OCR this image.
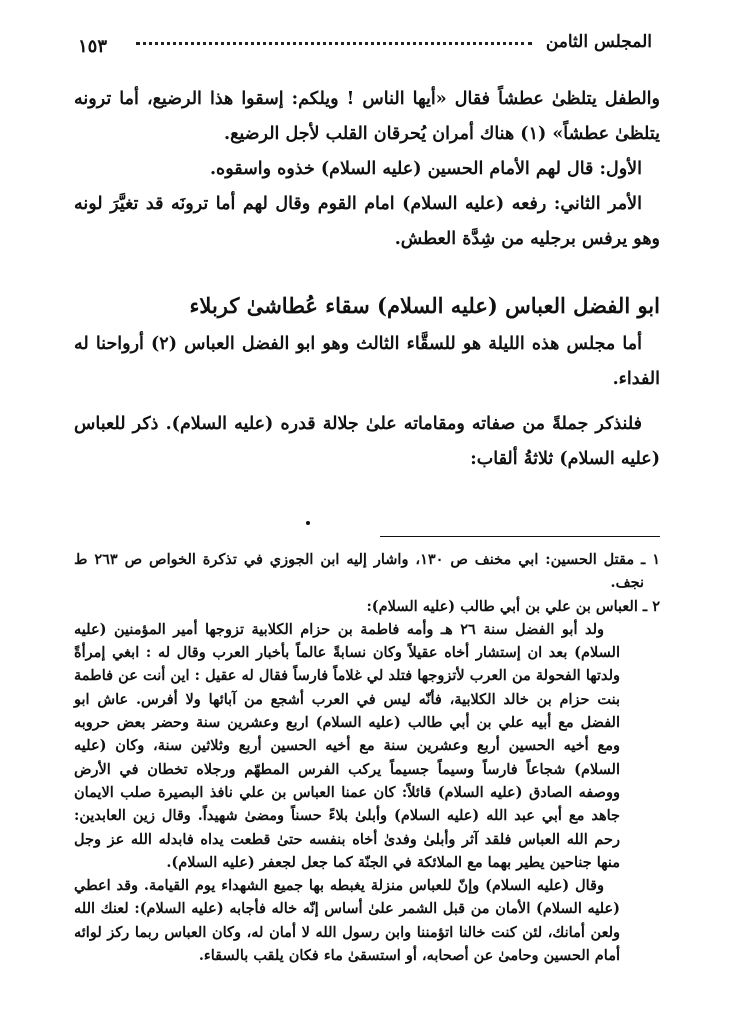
المجلس الثامن
١٥٣

والطفل يتلظىٰ عطشاً فقال «أيها الناس ! ويلكم: إسقوا هذا الرضيع، أما ترونه يتلظىٰ عطشاً» (١) هناك أمران يُحرقان القلب لأجل الرضيع.

الأول: قال لهم الأمام الحسين (عليه السلام) خذوه واسقوه.

الأمر الثاني: رفعه (عليه السلام) امام القوم وقال لهم أما ترونَه قد تغيَّرَ لونه وهو يرفس برجليه من شِدَّة العطش.

ابو الفضل العباس (عليه السلام) سقاء عُطاشىٰ كربلاء

أما مجلس هذه الليلة هو للسقَّاء الثالث وهو ابو الفضل العباس (٢) أرواحنا له الفداء.

فلنذكر جملةً من صفاته ومقاماته علىٰ جلالة قدره (عليه السلام). ذكر للعباس (عليه السلام) ثلاثةُ ألقاب:

١ ـ مقتل الحسين: ابي مخنف ص ١٣٠، واشار إليه ابن الجوزي في تذكرة الخواص ص ٢٦٣ ط نجف.

٢ ـ العباس بن علي بن أبي طالب (عليه السلام):

ولد أبو الفضل سنة ٢٦ هـ وأمه فاطمة بن حزام الكلابية تزوجها أمير المؤمنين (عليه السلام) بعد ان إستشار أخاه عقيلاً وكان نسابةً عالماً بأخبار العرب وقال له : ابغي إمرأةً ولدتها الفحولة من العرب لأتزوجها فتلد لي غلاماً فارساً فقال له عقيل : اين أنت عن فاطمة بنت حزام بن خالد الكلابية، فأنّه ليس في العرب أشجع من آبائها ولا أفرس. عاش ابو الفضل مع أبيه علي بن أبي طالب (عليه السلام) اربع وعشرين سنة وحضر بعض حروبه ومع أخيه الحسين أربع وعشرين سنة مع أخيه الحسين أربع وثلاثين سنة، وكان (عليه السلام) شجاعاً فارساً وسيماً جسيماً يركب الفرس المطهّم ورجلاه تخطان في الأرض ووصفه الصادق (عليه السلام) قائلاً: كان عمنا العباس بن علي نافذ البصيرة صلب الايمان جاهد مع أبي عبد الله (عليه السلام) وأبلىٰ بلاءً حسناً ومضىٰ شهيداً. وقال زين العابدين: رحم الله العباس فلقد آثر وأبلىٰ وفدىٰ أخاه بنفسه حتىٰ قطعت يداه فابدله الله عز وجل منها جناحين يطير بهما مع الملائكة في الجنّة كما جعل لجعفر (عليه السلام).

وقال (عليه السلام) وإنّ للعباس منزلة يغبطه بها جميع الشهداء يوم القيامة. وقد اعطي (عليه السلام) الأمان من قبل الشمر علىٰ أساس إنّه خاله فأجابه (عليه السلام): لعنك الله ولعن أمانك، لئن كنت خالنا اتؤمننا وابن رسول الله لا أمان له، وكان العباس ربما ركز لوائه أمام الحسين وحامىٰ عن أصحابه، أو استسقىٰ ماء فكان يلقب بالسقاء.
